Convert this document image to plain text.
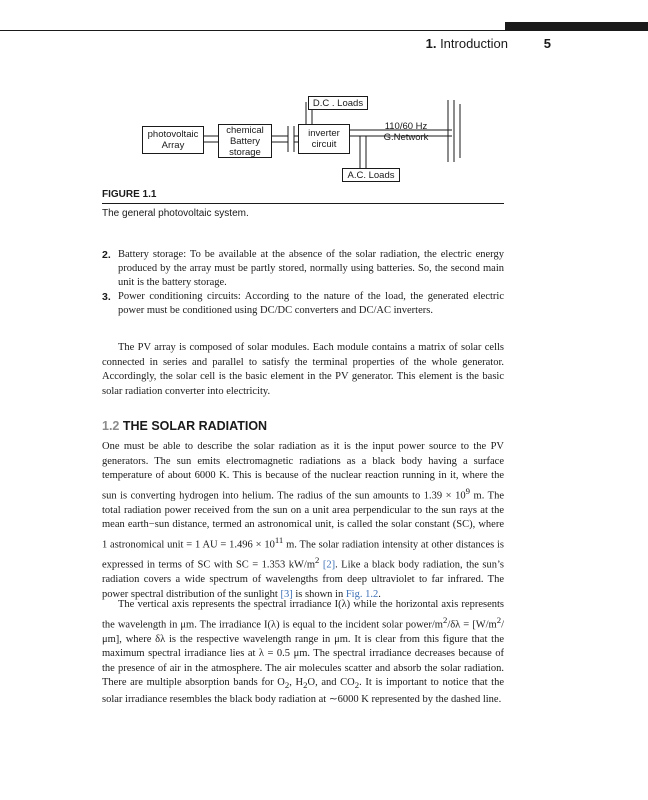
1. Introduction	5
photovoltaic Array
chemical Battery storage
inverter circuit
D.C . Loads
110/60 Hz G.Network
A.C. Loads
FIGURE 1.1
The general photovoltaic system.
2. Battery storage: To be available at the absence of the solar radiation, the electric energy produced by the array must be partly stored, normally using batteries. So, the second main unit is the battery storage.
3. Power conditioning circuits: According to the nature of the load, the generated electric power must be conditioned using DC/DC converters and DC/AC inverters.
The PV array is composed of solar modules. Each module contains a matrix of solar cells connected in series and parallel to satisfy the terminal properties of the whole generator. Accordingly, the solar cell is the basic element in the PV generator. This element is the basic solar radiation converter into electricity.
1.2 THE SOLAR RADIATION
One must be able to describe the solar radiation as it is the input power source to the PV generators. The sun emits electromagnetic radiations as a black body having a surface temperature of about 6000 K. This is because of the nuclear reaction running in it, where the sun is converting hydrogen into helium. The radius of the sun amounts to $1.39 \times 10^9$ m. The total radiation power received from the sun on a unit area perpendicular to the sun rays at the mean earth−sun distance, termed an astronomical unit, is called the solar constant (SC), where 1 astronomical unit = 1 AU = $1.496 \times 10^{11}$ m. The solar radiation intensity at other distances is expressed in terms of SC with SC = 1.353 $kW/m^2$ [2]. Like a black body radiation, the sun’s radiation covers a wide spectrum of wavelengths from deep ultraviolet to far infrared. The power spectral distribution of the sunlight [3] is shown in Fig. 1.2.
The vertical axis represents the spectral irradiance I(λ) while the horizontal axis represents the wavelength in μm. The irradiance I(λ) is equal to the incident solar power/$m^2/\delta\lambda = [W/m^2/\mu m]$, where δλ is the respective wavelength range in μm. It is clear from this figure that the maximum spectral irradiance lies at λ = 0.5 μm. The spectral irradiance decreases because of the presence of air in the atmosphere. The air molecules scatter and absorb the solar radiation. There are multiple absorption bands for $O_2$, $H_2O$, and $CO_2$. It is important to notice that the solar irradiance resembles the black body radiation at ∼6000 K represented by the dashed line.
